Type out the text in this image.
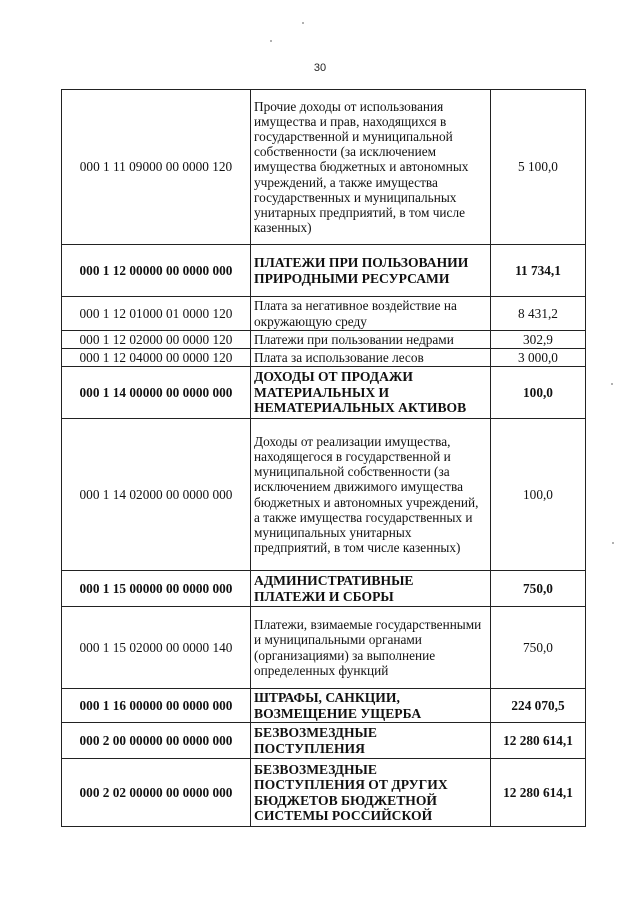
30
000 1 11 09000 00 0000 120	Прочие доходы от использования имущества и прав, находящихся в государственной и муниципальной собственности (за исключением имущества бюджетных и автономных учреждений, а также имущества государственных и муниципальных унитарных предприятий, в том числе казенных)	5 100,0
000 1 12 00000 00 0000 000	ПЛАТЕЖИ ПРИ ПОЛЬЗОВАНИИ ПРИРОДНЫМИ РЕСУРСАМИ	11 734,1
000 1 12 01000 01 0000 120	Плата за негативное воздействие на окружающую среду	8 431,2
000 1 12 02000 00 0000 120	Платежи при пользовании недрами	302,9
000 1 12 04000 00 0000 120	Плата за использование лесов	3 000,0
000 1 14 00000 00 0000 000	ДОХОДЫ ОТ ПРОДАЖИ МАТЕРИАЛЬНЫХ И НЕМАТЕРИАЛЬНЫХ АКТИВОВ	100,0
000 1 14 02000 00 0000 000	Доходы от реализации имущества, находящегося в государственной и муниципальной собственности (за исключением движимого имущества бюджетных и автономных учреждений, а также имущества государственных и муниципальных унитарных предприятий, в том числе казенных)	100,0
000 1 15 00000 00 0000 000	АДМИНИСТРАТИВНЫЕ ПЛАТЕЖИ И СБОРЫ	750,0
000 1 15 02000 00 0000 140	Платежи, взимаемые государственными и муниципальными органами (организациями) за выполнение определенных функций	750,0
000 1 16 00000 00 0000 000	ШТРАФЫ, САНКЦИИ, ВОЗМЕЩЕНИЕ УЩЕРБА	224 070,5
000 2 00 00000 00 0000 000	БЕЗВОЗМЕЗДНЫЕ ПОСТУПЛЕНИЯ	12 280 614,1
000 2 02 00000 00 0000 000	БЕЗВОЗМЕЗДНЫЕ ПОСТУПЛЕНИЯ ОТ ДРУГИХ БЮДЖЕТОВ БЮДЖЕТНОЙ СИСТЕМЫ РОССИЙСКОЙ	12 280 614,1
